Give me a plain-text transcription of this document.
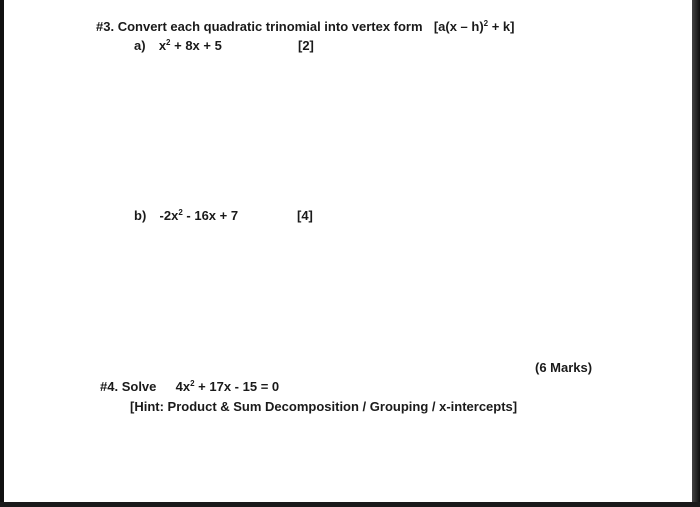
#3. Convert each quadratic trinomial into vertex form [a(x – h)$^2$ + k]
a) $x^2 + 8x + 5$	[2]
b) $-2x^2 - 16x + 7$	[4]
(6 Marks)
#4. Solve $4x^2 + 17x - 15 = 0$
[Hint: Product & Sum Decomposition / Grouping / x-intercepts]
